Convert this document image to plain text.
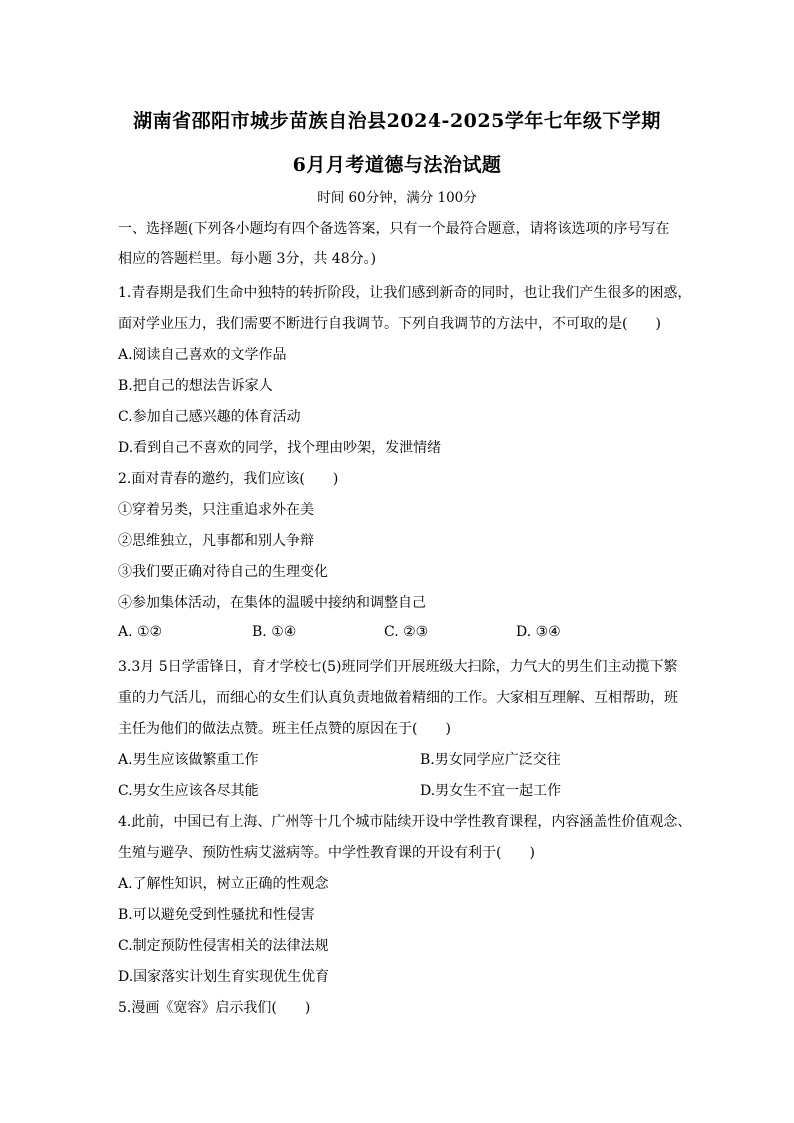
湖南省邵阳市城步苗族自治县2024-2025学年七年级下学期
6月月考道德与法治试题
时间 60分钟，满分 100分
一、选择题(下列各小题均有四个备选答案，只有一个最符合题意，请将该选项的序号写在
相应的答题栏里。每小题 3分，共 48分。)
1.青春期是我们生命中独特的转折阶段，让我们感到新奇的同时，也让我们产生很多的困惑，
面对学业压力，我们需要不断进行自我调节。下列自我调节的方法中，不可取的是(　　)
A.阅读自己喜欢的文学作品
B.把自己的想法告诉家人
C.参加自己感兴趣的体育活动
D.看到自己不喜欢的同学，找个理由吵架，发泄情绪
2.面对青春的邀约，我们应该(　　)
①穿着另类，只注重追求外在美
②思维独立，凡事都和别人争辩
③我们要正确对待自己的生理变化
④参加集体活动，在集体的温暖中接纳和调整自己
A. ①②	B. ①④	C. ②③	D. ③④
3.3月 5日学雷锋日，育才学校七(5)班同学们开展班级大扫除，力气大的男生们主动揽下繁
重的力气活儿，而细心的女生们认真负责地做着精细的工作。大家相互理解、互相帮助，班
主任为他们的做法点赞。班主任点赞的原因在于(　　)
A.男生应该做繁重工作	B.男女同学应广泛交往
C.男女生应该各尽其能	D.男女生不宜一起工作
4.此前，中国已有上海、广州等十几个城市陆续开设中学性教育课程，内容涵盖性价值观念、
生殖与避孕、预防性病艾滋病等。中学性教育课的开设有利于(　　)
A.了解性知识，树立正确的性观念
B.可以避免受到性骚扰和性侵害
C.制定预防性侵害相关的法律法规
D.国家落实计划生育实现优生优育
5.漫画《宽容》启示我们(　　)
